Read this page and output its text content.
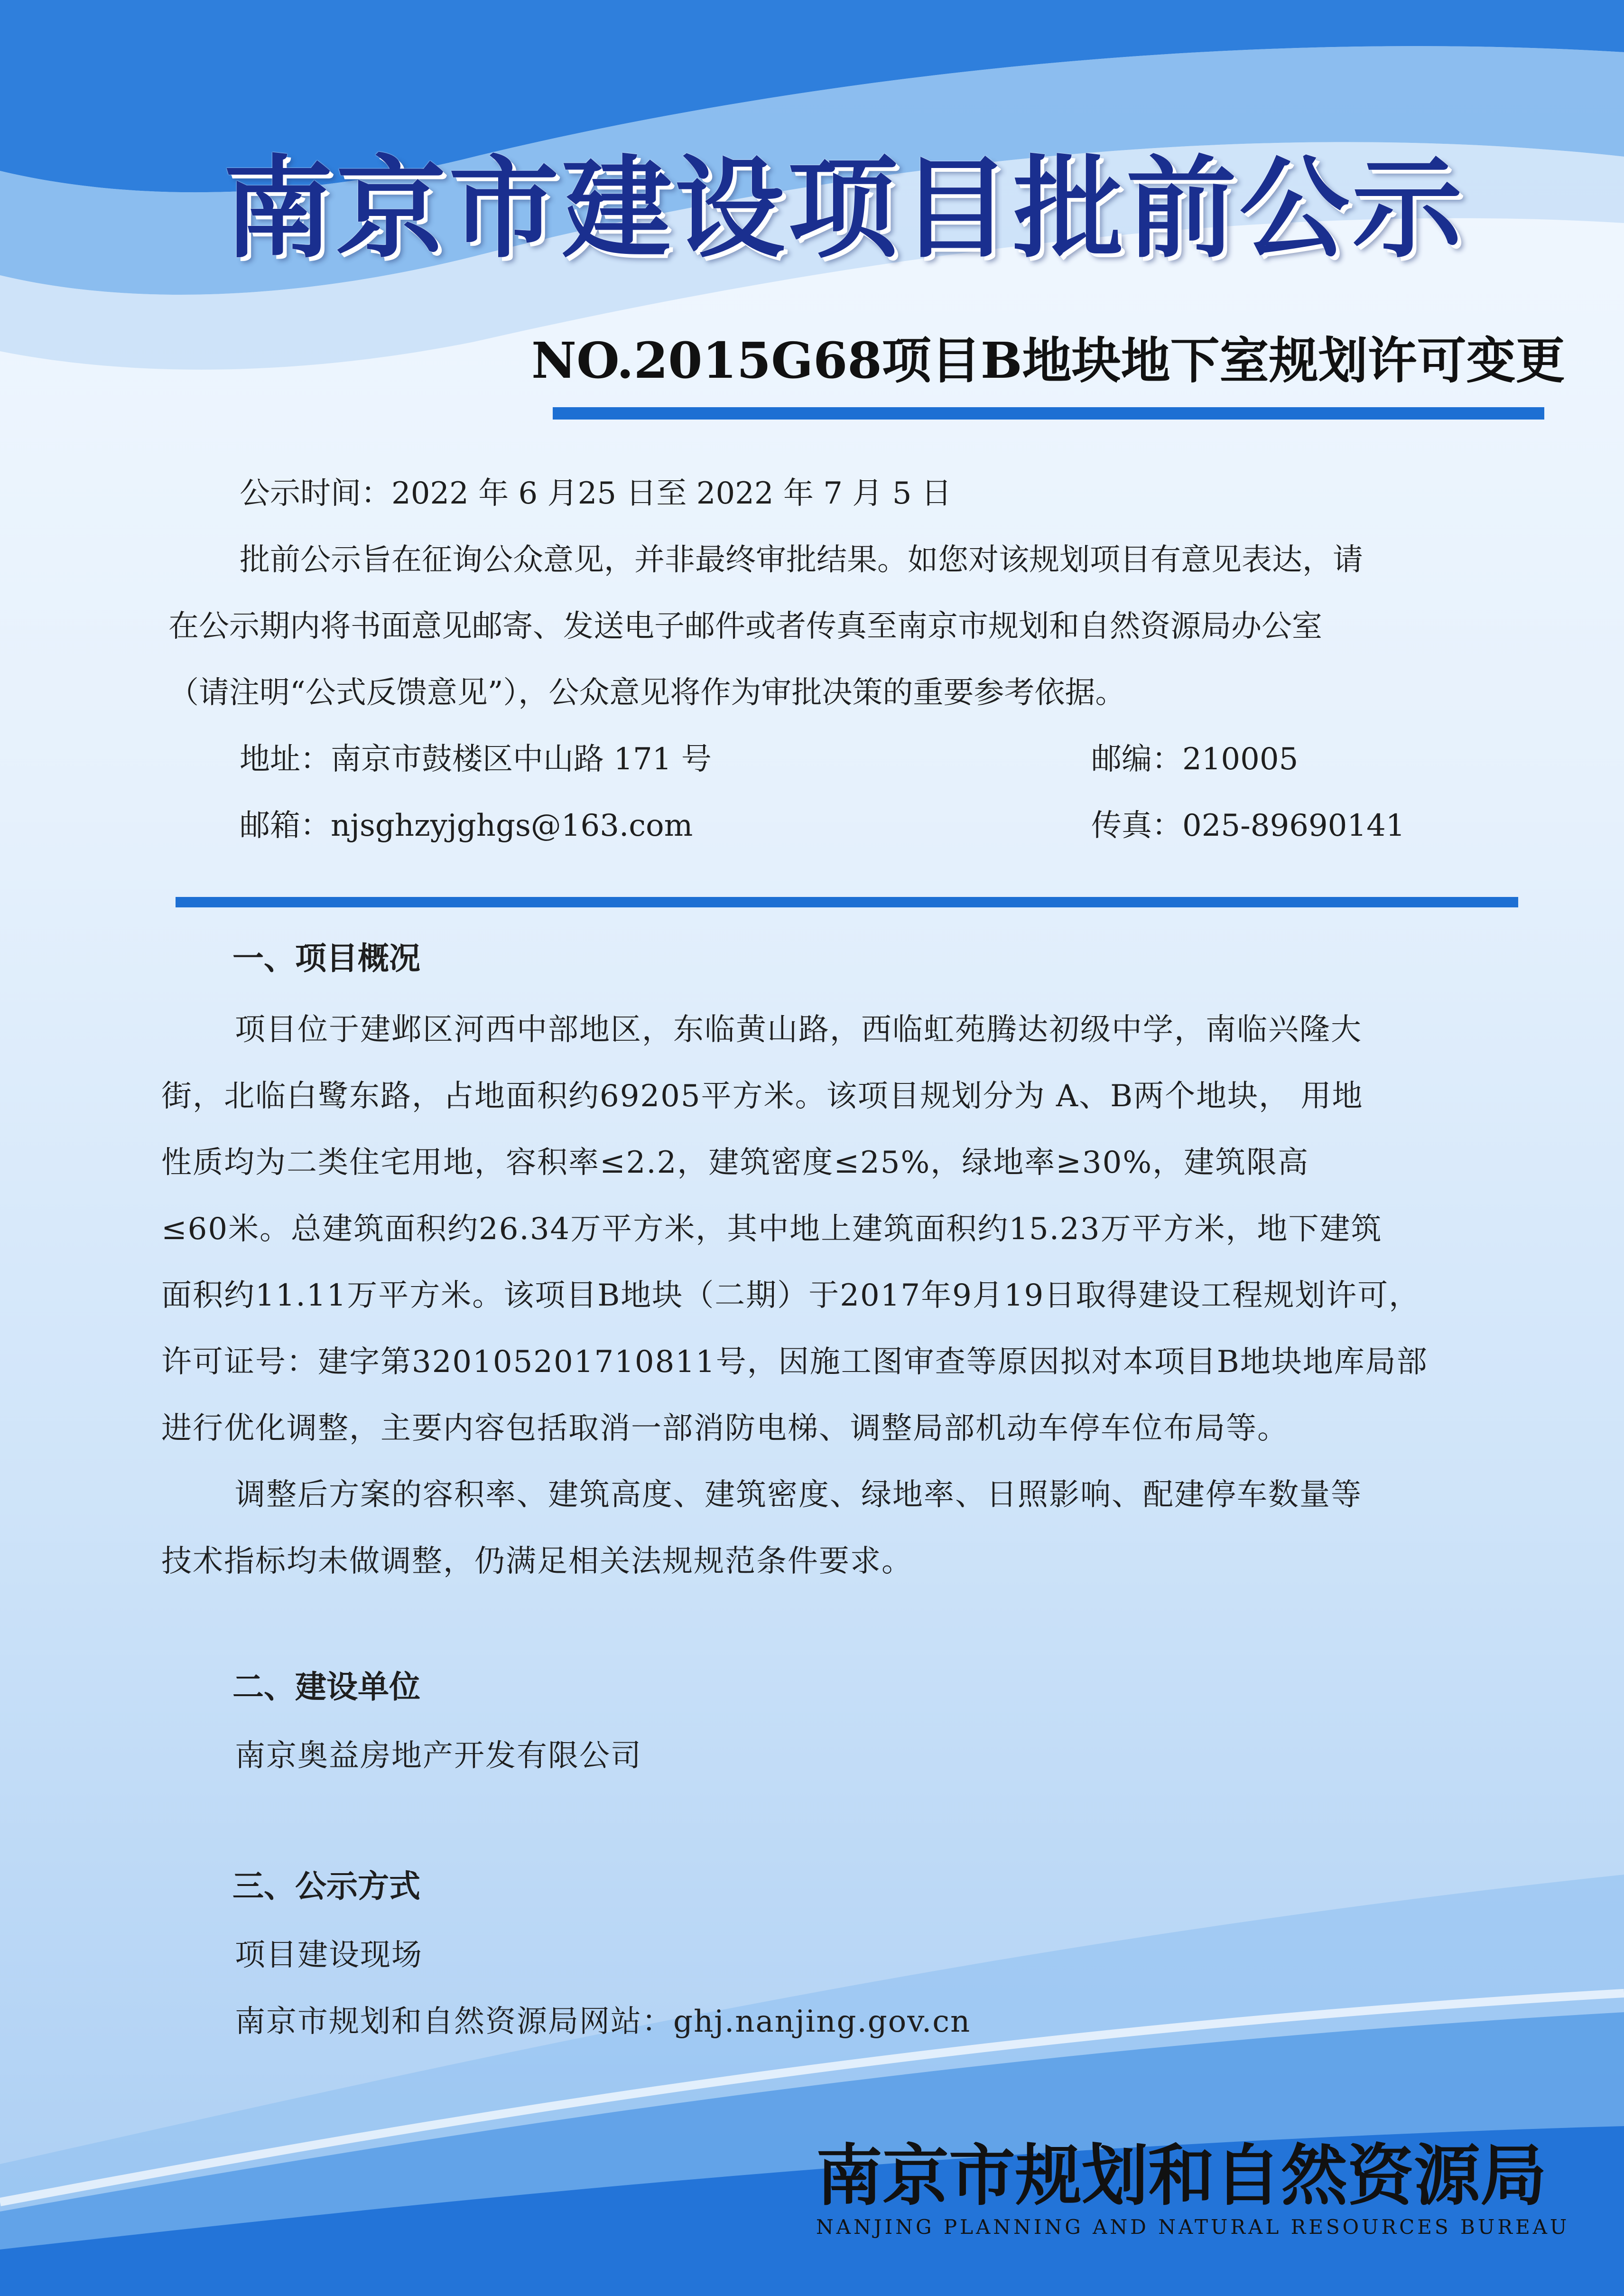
南京市建设项目批前公示
NO.2015G68项目B地块地下室规划许可变更
公示时间：2022 年 6 月25 日至 2022 年 7 月 5 日
批前公示旨在征询公众意见，并非最终审批结果。如您对该规划项目有意见表达，请
在公示期内将书面意见邮寄、发送电子邮件或者传真至南京市规划和自然资源局办公室
（请注明“公式反馈意见”），公众意见将作为审批决策的重要参考依据。
地址：南京市鼓楼区中山路 171 号	邮编：210005
邮箱：njsghzyjghgs@163.com	传真：025-89690141
一、项目概况
项目位于建邺区河西中部地区，东临黄山路，西临虹苑腾达初级中学，南临兴隆大
街，北临白鹭东路，占地面积约69205平方米。该项目规划分为 A、B两个地块， 用地
性质均为二类住宅用地，容积率≤2.2，建筑密度≤25%，绿地率≥30%，建筑限高
≤60米。总建筑面积约26.34万平方米，其中地上建筑面积约15.23万平方米，地下建筑
面积约11.11万平方米。该项目B地块（二期）于2017年9月19日取得建设工程规划许可，
许可证号：建字第320105201710811号，因施工图审查等原因拟对本项目B地块地库局部
进行优化调整，主要内容包括取消一部消防电梯、调整局部机动车停车位布局等。
调整后方案的容积率、建筑高度、建筑密度、绿地率、日照影响、配建停车数量等
技术指标均未做调整，仍满足相关法规规范条件要求。
二、建设单位
南京奥益房地产开发有限公司
三、公示方式
项目建设现场
南京市规划和自然资源局网站：ghj.nanjing.gov.cn
南京市规划和自然资源局
NANJING PLANNING AND NATURAL RESOURCES BUREAU
